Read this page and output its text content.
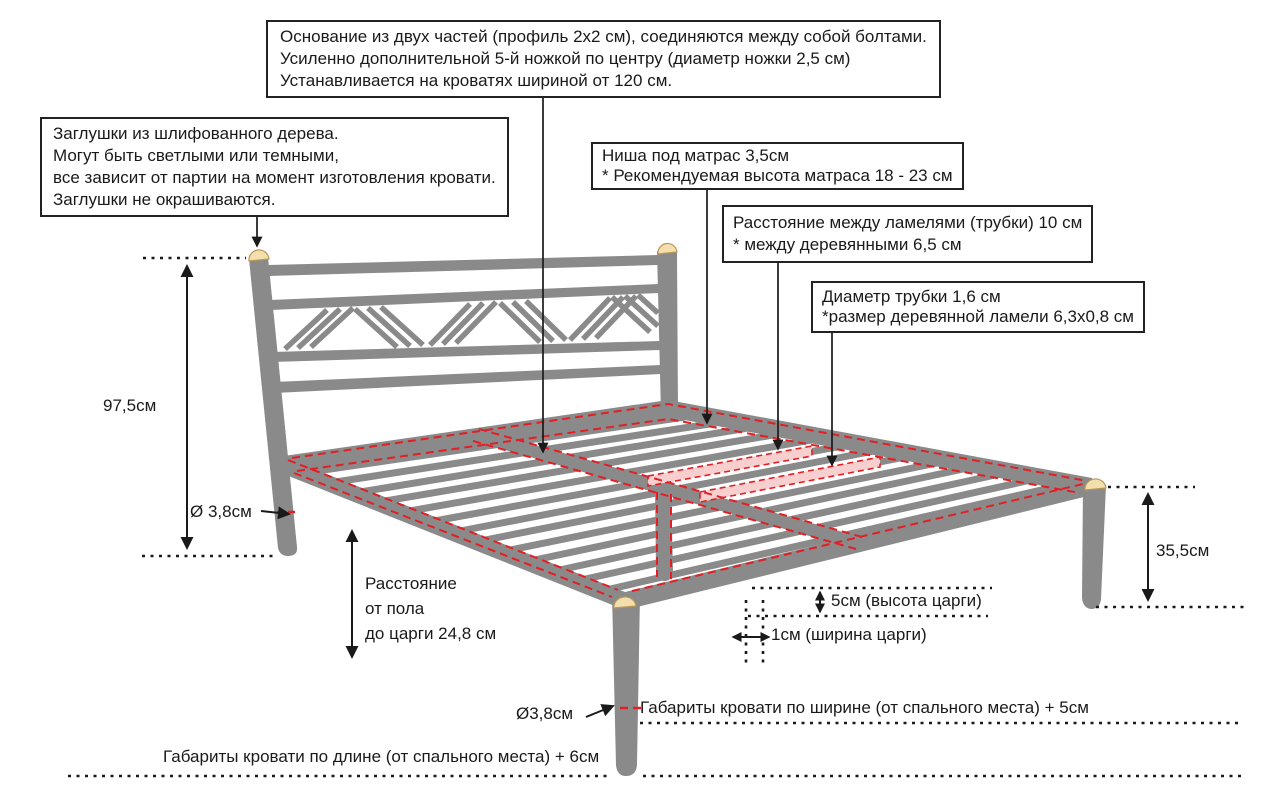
Основание из двух частей (профиль 2х2 см), соединяются между собой болтами.
Усиленно дополнительной 5-й ножкой по центру (диаметр ножки 2,5 см)
Устанавливается на кроватях шириной от 120 см.
Заглушки из шлифованного дерева.
Могут быть светлыми или темными,
все зависит от партии на момент изготовления кровати.
Заглушки не окрашиваются.
Ниша под матрас 3,5см
* Рекомендуемая высота матраса 18 - 23 см
Расстояние между ламелями (трубки) 10 см
* между деревянными 6,5 см
Диаметр трубки 1,6 см
*размер деревянной ламели 6,3х0,8 см
97,5см
Ø 3,8см
35,5см
Расстояние
от пола
до царги 24,8 см
5см (высота царги)
1см (ширина царги)
Ø3,8см	Габариты кровати по ширине (от спального места) + 5см
Габариты кровати по длине (от спального места) + 6см
